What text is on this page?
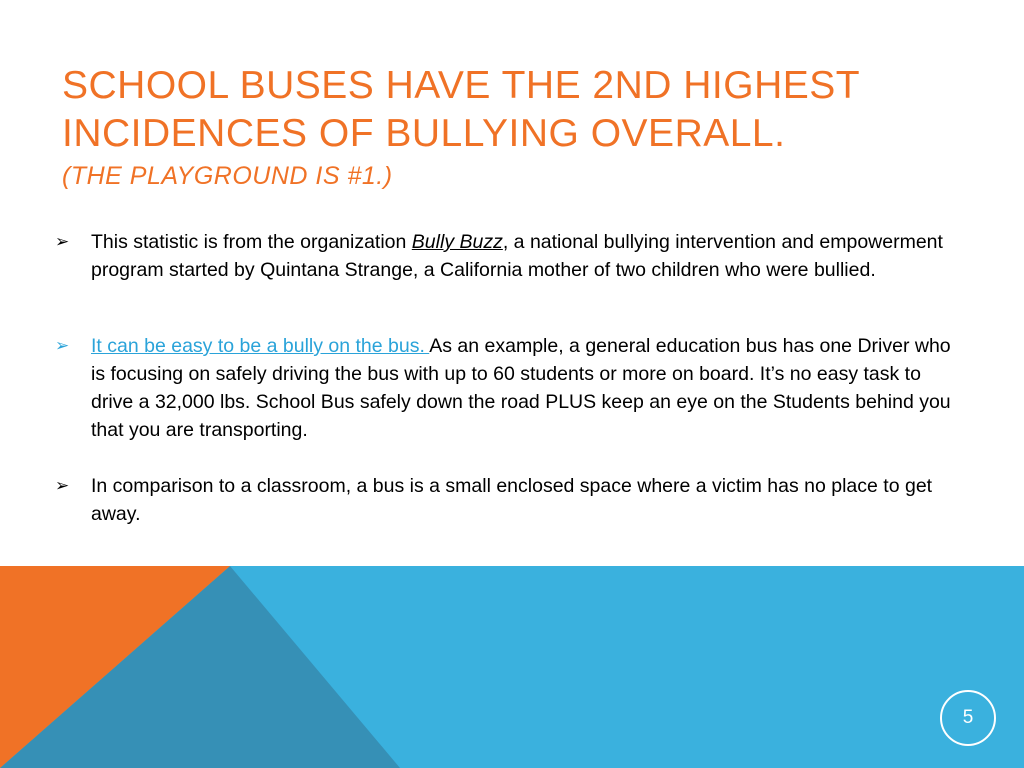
SCHOOL BUSES HAVE THE 2ND HIGHEST
INCIDENCES OF BULLYING OVERALL.
(THE PLAYGROUND IS #1.)
➢ This statistic is from the organization Bully Buzz, a national bullying intervention and empowerment program started by Quintana Strange, a California mother of two children who were bullied.
➢ It can be easy to be a bully on the bus. As an example, a general education bus has one Driver who is focusing on safely driving the bus with up to 60 students or more on board. It’s no easy task to drive a 32,000 lbs. School Bus safely down the road PLUS keep an eye on the Students behind you that you are transporting.
➢ In comparison to a classroom, a bus is a small enclosed space where a victim has no place to get away.
5
